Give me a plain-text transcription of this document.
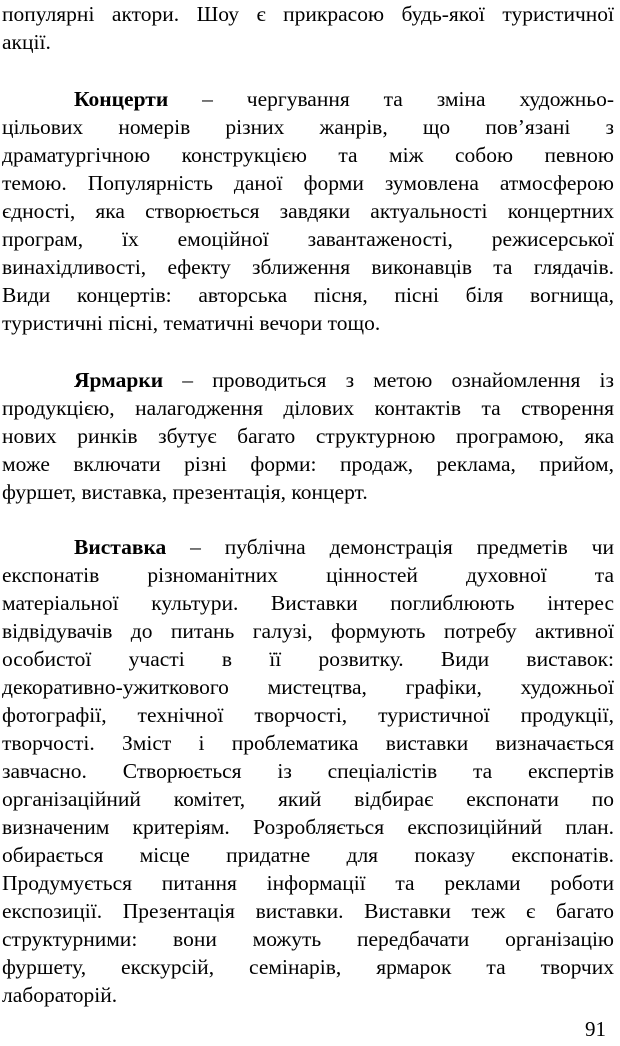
популярні актори. Шоу є прикрасою будь-якої туристичної
акції.
Концерти – чергування та зміна художньо-
цільових номерів різних жанрів, що пов’язані з
драматургічною конструкцією та між собою певною
темою. Популярність даної форми зумовлена атмосферою
єдності, яка створюється завдяки актуальності концертних
програм, їх емоційної завантаженості, режисерської
винахідливості, ефекту зближення виконавців та глядачів.
Види концертів: авторська пісня, пісні біля вогнища,
туристичні пісні, тематичні вечори тощо.
Ярмарки – проводиться з метою ознайомлення із
продукцією, налагодження ділових контактів та створення
нових ринків збутує багато структурною програмою, яка
може включати різні форми: продаж, реклама, прийом,
фуршет, виставка, презентація, концерт.
Виставка – публічна демонстрація предметів чи
експонатів різноманітних цінностей духовної та
матеріальної культури. Виставки поглиблюють інтерес
відвідувачів до питань галузі, формують потребу активної
особистої участі в її розвитку. Види виставок:
декоративно-ужиткового мистецтва, графіки, художньої
фотографії, технічної творчості, туристичної продукції,
творчості. Зміст і проблематика виставки визначається
завчасно. Створюється із спеціалістів та експертів
організаційний комітет, який відбирає експонати по
визначеним критеріям. Розробляється експозиційний план.
обирається місце придатне для показу експонатів.
Продумується питання інформації та реклами роботи
експозиції. Презентація виставки. Виставки теж є багато
структурними: вони можуть передбачати організацію
фуршету, екскурсій, семінарів, ярмарок та творчих
лабораторій.
91
